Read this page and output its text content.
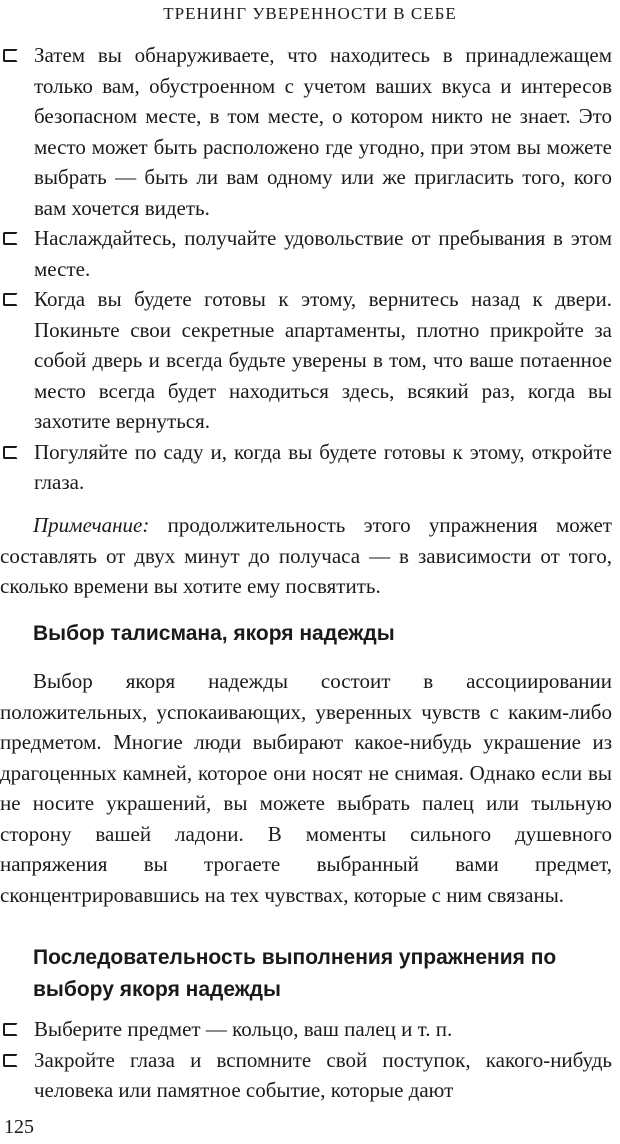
ТРЕНИНГ УВЕРЕННОСТИ В СЕБЕ
Затем вы обнаруживаете, что находитесь в принадлежащем только вам, обустроенном с учетом ваших вкуса и интересов безопасном месте, в том месте, о котором никто не знает. Это место может быть расположено где угодно, при этом вы можете выбрать — быть ли вам одному или же пригласить того, кого вам хочется видеть.
Наслаждайтесь, получайте удовольствие от пребывания в этом месте.
Когда вы будете готовы к этому, вернитесь назад к двери. Покиньте свои секретные апартаменты, плотно прикройте за собой дверь и всегда будьте уверены в том, что ваше потаенное место всегда будет находиться здесь, всякий раз, когда вы захотите вернуться.
Погуляйте по саду и, когда вы будете готовы к этому, откройте глаза.

Примечание: продолжительность этого упражнения может составлять от двух минут до получаса — в зависимости от того, сколько времени вы хотите ему посвятить.

Выбор талисмана, якоря надежды

Выбор якоря надежды состоит в ассоциировании положительных, успокаивающих, уверенных чувств с каким-либо предметом. Многие люди выбирают какое-нибудь украшение из драгоценных камней, которое они носят не снимая. Однако если вы не носите украшений, вы можете выбрать палец или тыльную сторону вашей ладони. В моменты сильного душевного напряжения вы трогаете выбранный вами предмет, сконцентрировавшись на тех чувствах, которые с ним связаны.

Последовательность выполнения упражнения по выбору якоря надежды
Выберите предмет — кольцо, ваш палец и т. п.
Закройте глаза и вспомните свой поступок, какого-нибудь человека или памятное событие, которые дают
125
